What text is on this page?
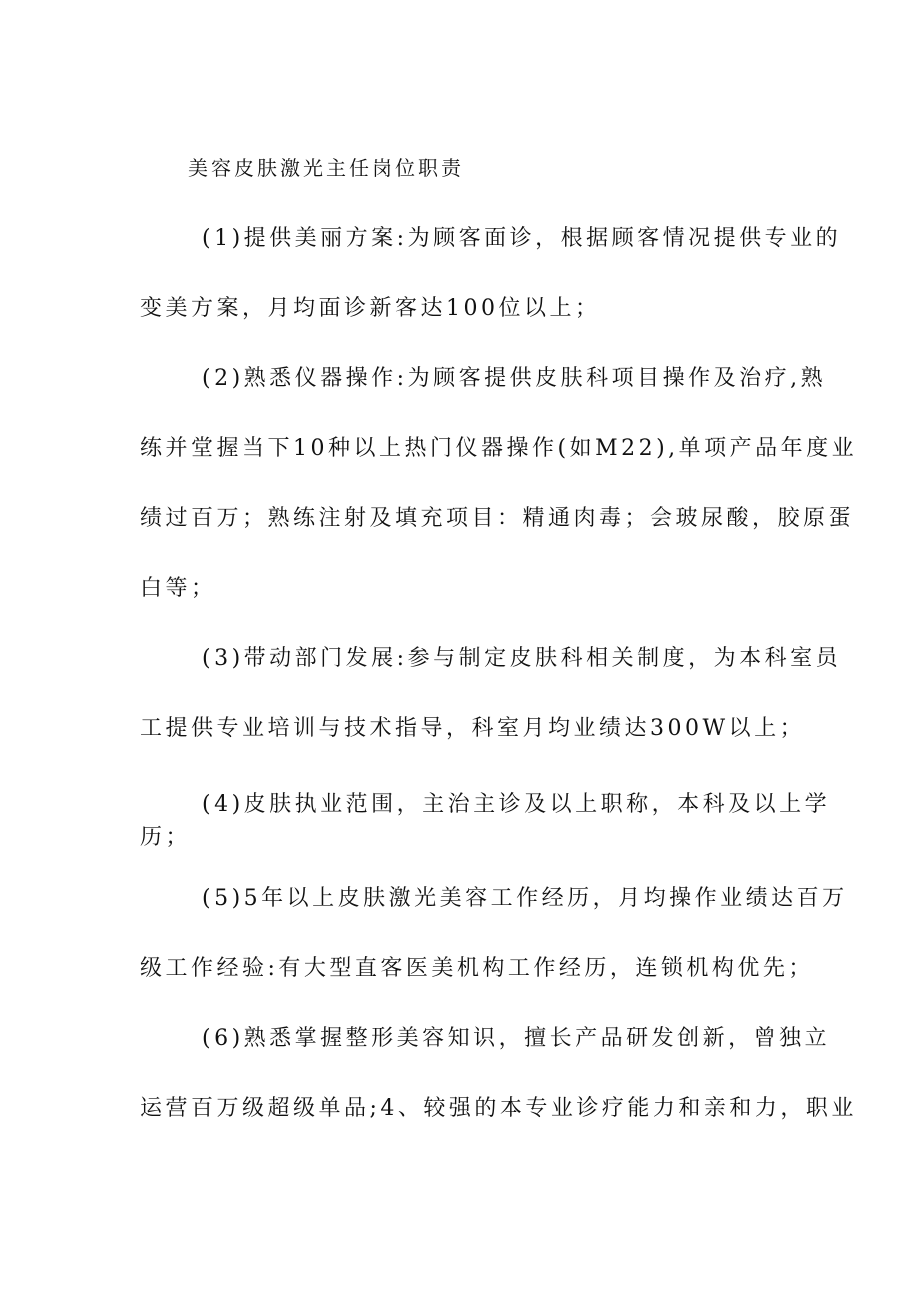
美容皮肤激光主任岗位职责
(1)提供美丽方案:为顾客面诊，根据顾客情况提供专业的
变美方案，月均面诊新客达100位以上；
(2)熟悉仪器操作:为顾客提供皮肤科项目操作及治疗,熟
练并堂握当下10种以上热门仪器操作(如M22),单项产品年度业
绩过百万；熟练注射及填充项目：精通肉毒；会玻尿酸，胶原蛋
白等；
(3)带动部门发展:参与制定皮肤科相关制度，为本科室员
工提供专业培训与技术指导，科室月均业绩达300W以上；
(4)皮肤执业范围，主治主诊及以上职称，本科及以上学
历；
(5)5年以上皮肤激光美容工作经历，月均操作业绩达百万
级工作经验:有大型直客医美机构工作经历，连锁机构优先；
(6)熟悉掌握整形美容知识，擅长产品研发创新，曾独立
运营百万级超级单品;4、较强的本专业诊疗能力和亲和力，职业
